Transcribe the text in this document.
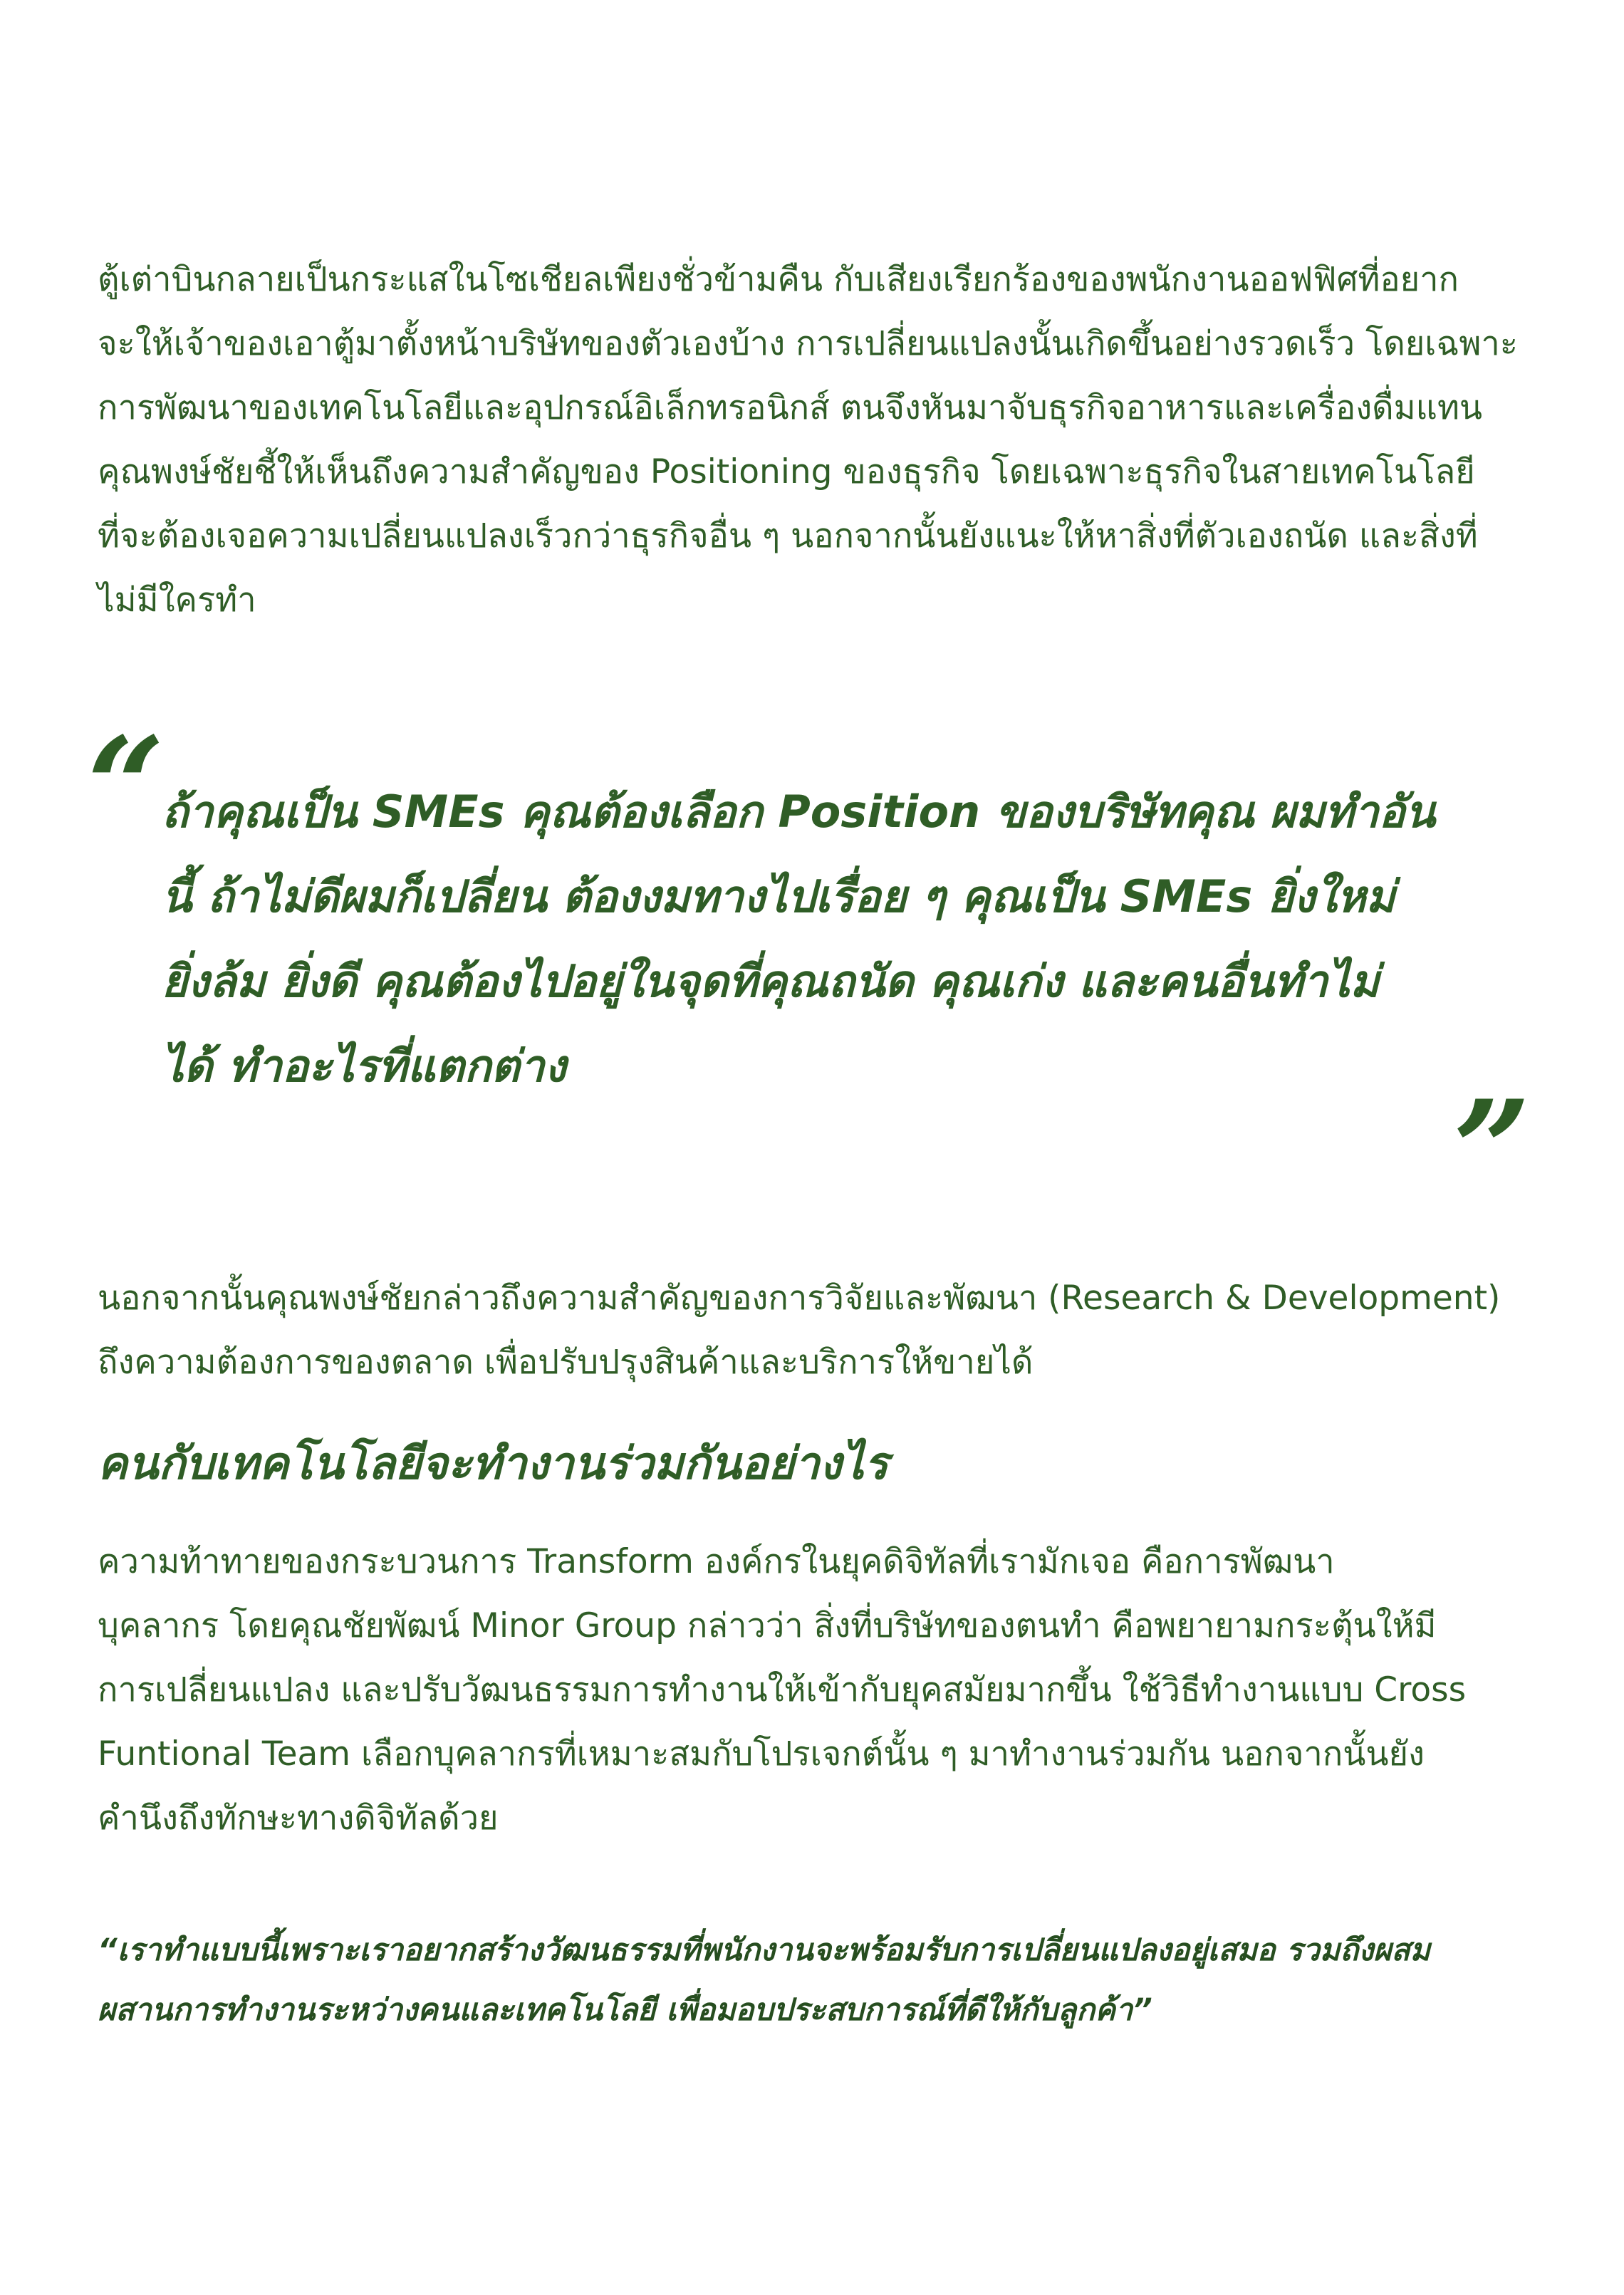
ตู้เต่าบินกลายเป็นกระแสในโซเชียลเพียงชั่วข้ามคืน กับเสียงเรียกร้องของพนักงานออฟฟิศที่อยาก
จะให้เจ้าของเอาตู้มาตั้งหน้าบริษัทของตัวเองบ้าง การเปลี่ยนแปลงนั้นเกิดขึ้นอย่างรวดเร็ว โดยเฉพาะ
การพัฒนาของเทคโนโลยีและอุปกรณ์อิเล็กทรอนิกส์ ตนจึงหันมาจับธุรกิจอาหารและเครื่องดื่มแทน
คุณพงษ์ชัยชี้ให้เห็นถึงความสำคัญของ Positioning ของธุรกิจ โดยเฉพาะธุรกิจในสายเทคโนโลยี
ที่จะต้องเจอความเปลี่ยนแปลงเร็วกว่าธุรกิจอื่น ๆ นอกจากนั้นยังแนะให้หาสิ่งที่ตัวเองถนัด และสิ่งที่
ไม่มีใครทำ
“
ถ้าคุณเป็น SMEs คุณต้องเลือก Position ของบริษัทคุณ ผมทำอัน
นี้ ถ้าไม่ดีผมก็เปลี่ยน ต้องงมทางไปเรื่อย ๆ คุณเป็น SMEs ยิ่งใหม่
ยิ่งล้ม ยิ่งดี คุณต้องไปอยู่ในจุดที่คุณถนัด คุณเก่ง และคนอื่นทำไม่
ได้ ทำอะไรที่แตกต่าง
”
นอกจากนั้นคุณพงษ์ชัยกล่าวถึงความสำคัญของการวิจัยและพัฒนา (Research & Development)
ถึงความต้องการของตลาด เพื่อปรับปรุงสินค้าและบริการให้ขายได้
คนกับเทคโนโลยีจะทำงานร่วมกันอย่างไร
ความท้าทายของกระบวนการ Transform องค์กรในยุคดิจิทัลที่เรามักเจอ คือการพัฒนา
บุคลากร โดยคุณชัยพัฒน์ Minor Group กล่าวว่า สิ่งที่บริษัทของตนทำ คือพยายามกระตุ้นให้มี
การเปลี่ยนแปลง และปรับวัฒนธรรมการทำงานให้เข้ากับยุคสมัยมากขึ้น ใช้วิธีทำงานแบบ Cross
Funtional Team เลือกบุคลากรที่เหมาะสมกับโปรเจกต์นั้น ๆ มาทำงานร่วมกัน นอกจากนั้นยัง
คำนึงถึงทักษะทางดิจิทัลด้วย
“เราทำแบบนี้เพราะเราอยากสร้างวัฒนธรรมที่พนักงานจะพร้อมรับการเปลี่ยนแปลงอยู่เสมอ รวมถึงผสม
ผสานการทำงานระหว่างคนและเทคโนโลยี เพื่อมอบประสบการณ์ที่ดีให้กับลูกค้า”
